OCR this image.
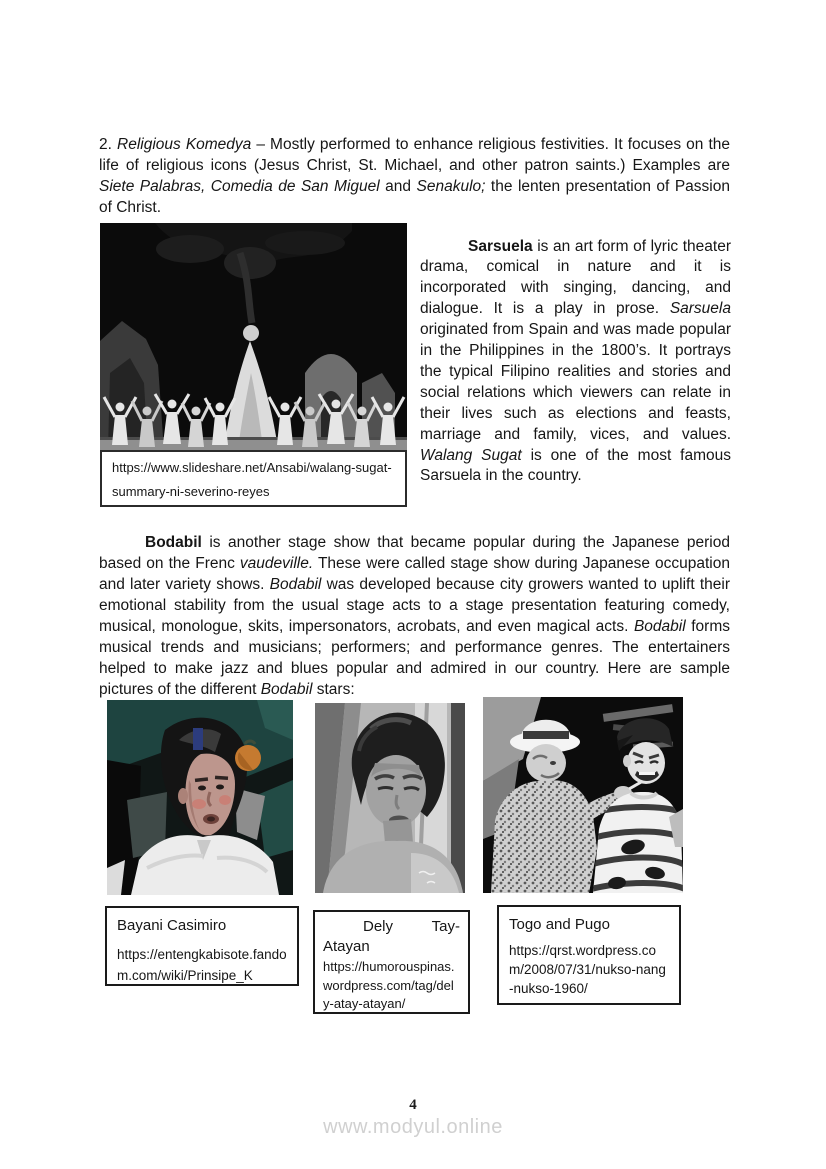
2. Religious Komedya – Mostly performed to enhance religious festivities. It focuses on the life of religious icons (Jesus Christ, St. Michael, and other patron saints.) Examples are Siete Palabras, Comedia de San Miguel and Senakulo; the lenten presentation of Passion of Christ.

https://www.slideshare.net/Ansabi/walang-sugat-summary-ni-severino-reyes

Sarsuela is an art form of lyric theater drama, comical in nature and it is incorporated with singing, dancing, and dialogue. It is a play in prose. Sarsuela originated from Spain and was made popular in the Philippines in the 1800’s. It portrays the typical Filipino realities and stories and social relations which viewers can relate in their lives such as elections and feasts, marriage and family, vices, and values. Walang Sugat is one of the most famous Sarsuela in the country.

Bodabil is another stage show that became popular during the Japanese period based on the Frenc vaudeville. These were called stage show during Japanese occupation and later variety shows. Bodabil was developed because city growers wanted to uplift their emotional stability from the usual stage acts to a stage presentation featuring comedy, musical, monologue, skits, impersonators, acrobats, and even magical acts. Bodabil forms musical trends and musicians; performers; and performance genres. The entertainers helped to make jazz and blues popular and admired in our country. Here are sample pictures of the different Bodabil stars:

Bayani Casimiro
https://entengkabisote.fandom.com/wiki/Prinsipe_K
Dely Tay-Atayan
https://humorouspinas.wordpress.com/tag/dely-atay-atayan/
Togo and Pugo
https://qrst.wordpress.com/2008/07/31/nukso-nang-nukso-1960/
4
www.modyul.online
